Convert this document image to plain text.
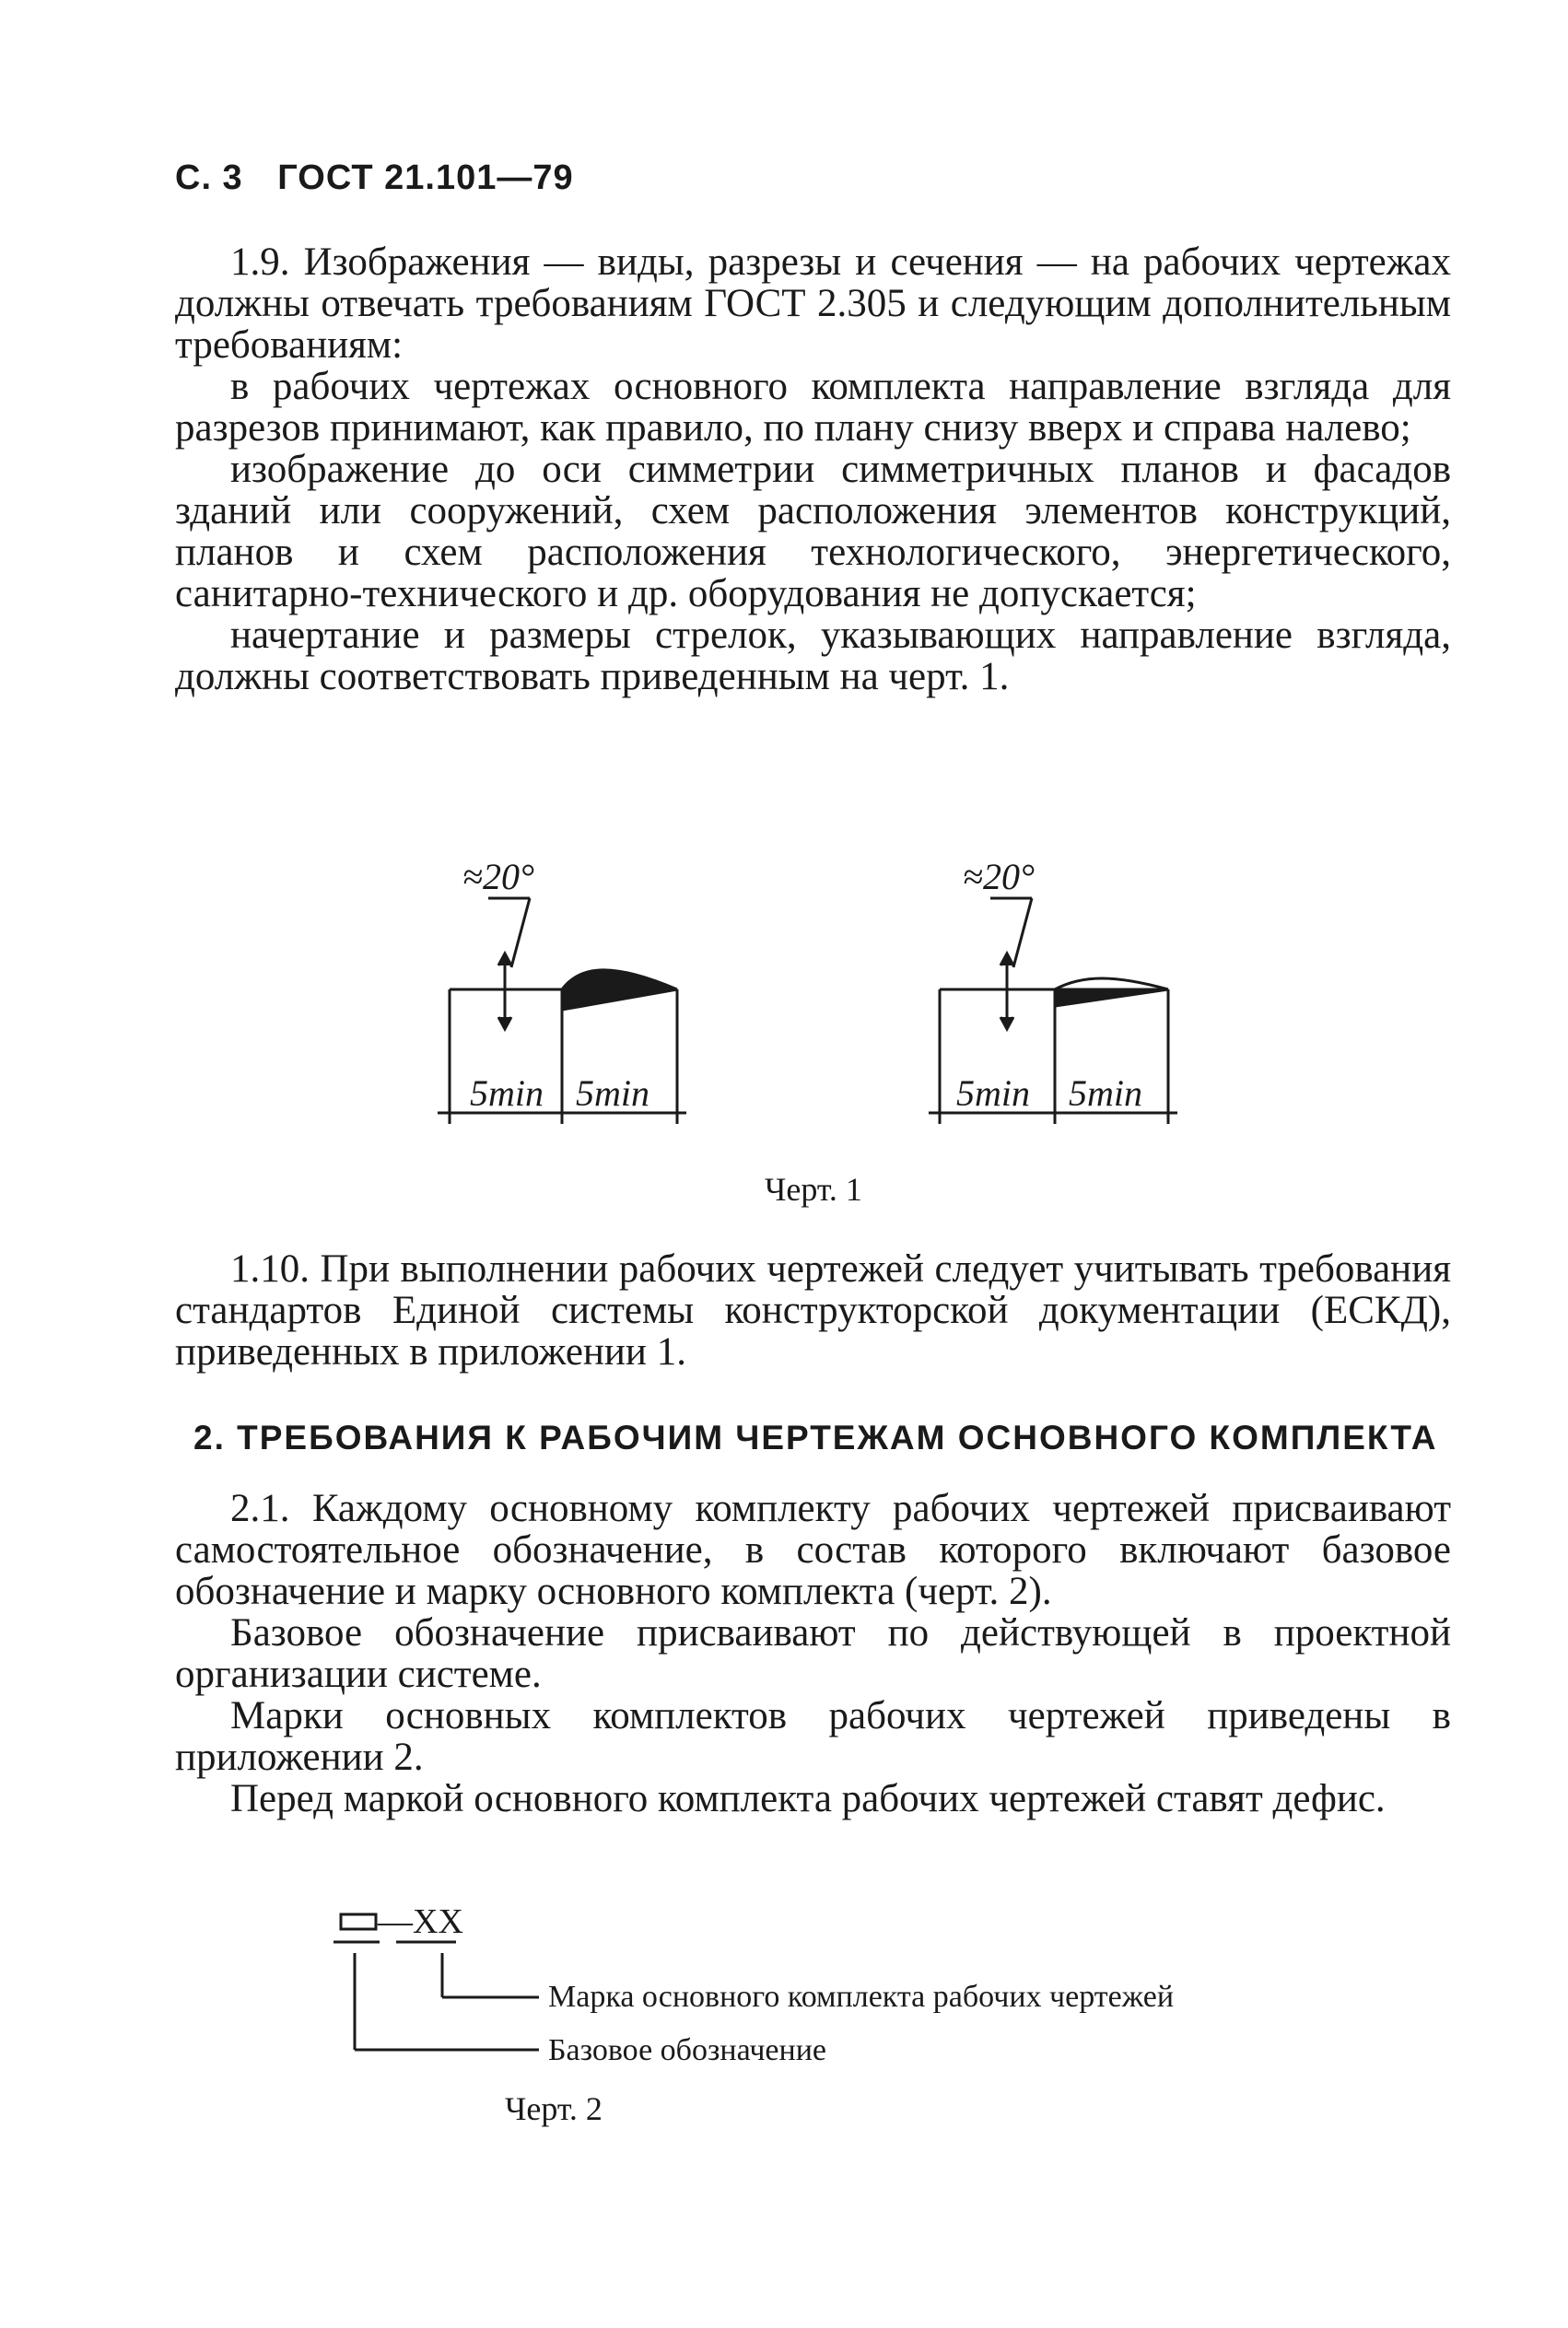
С. 3 ГОСТ 21.101—79

1.9. Изображения — виды, разрезы и сечения — на рабочих чертежах должны отвечать требованиям ГОСТ 2.305 и следующим дополнительным требованиям:

в рабочих чертежах основного комплекта направление взгляда для разрезов принимают, как правило, по плану снизу вверх и справа налево;

изображение до оси симметрии симметричных планов и фасадов зданий или сооружений, схем расположения элементов конструкций, планов и схем расположения технологического, энергетического, санитарно-технического и др. оборудования не допускается;

начертание и размеры стрелок, указывающих направление взгляда, должны соответствовать приведенным на черт. 1.

≈20°
5min 5min
≈20°
5min 5min
Черт. 1

1.10. При выполнении рабочих чертежей следует учитывать требования стандартов Единой системы конструкторской документации (ЕСКД), приведенных в приложении 1.

2. ТРЕБОВАНИЯ К РАБОЧИМ ЧЕРТЕЖАМ ОСНОВНОГО КОМПЛЕКТА

2.1. Каждому основному комплекту рабочих чертежей присваивают самостоятельное обозначение, в состав которого включают базовое обозначение и марку основного комплекта (черт. 2).

Базовое обозначение присваивают по действующей в проектной организации системе.

Марки основных комплектов рабочих чертежей приведены в приложении 2.

Перед маркой основного комплекта рабочих чертежей ставят дефис.

—XX
Марка основного комплекта рабочих чертежей
Базовое обозначение
Черт. 2
